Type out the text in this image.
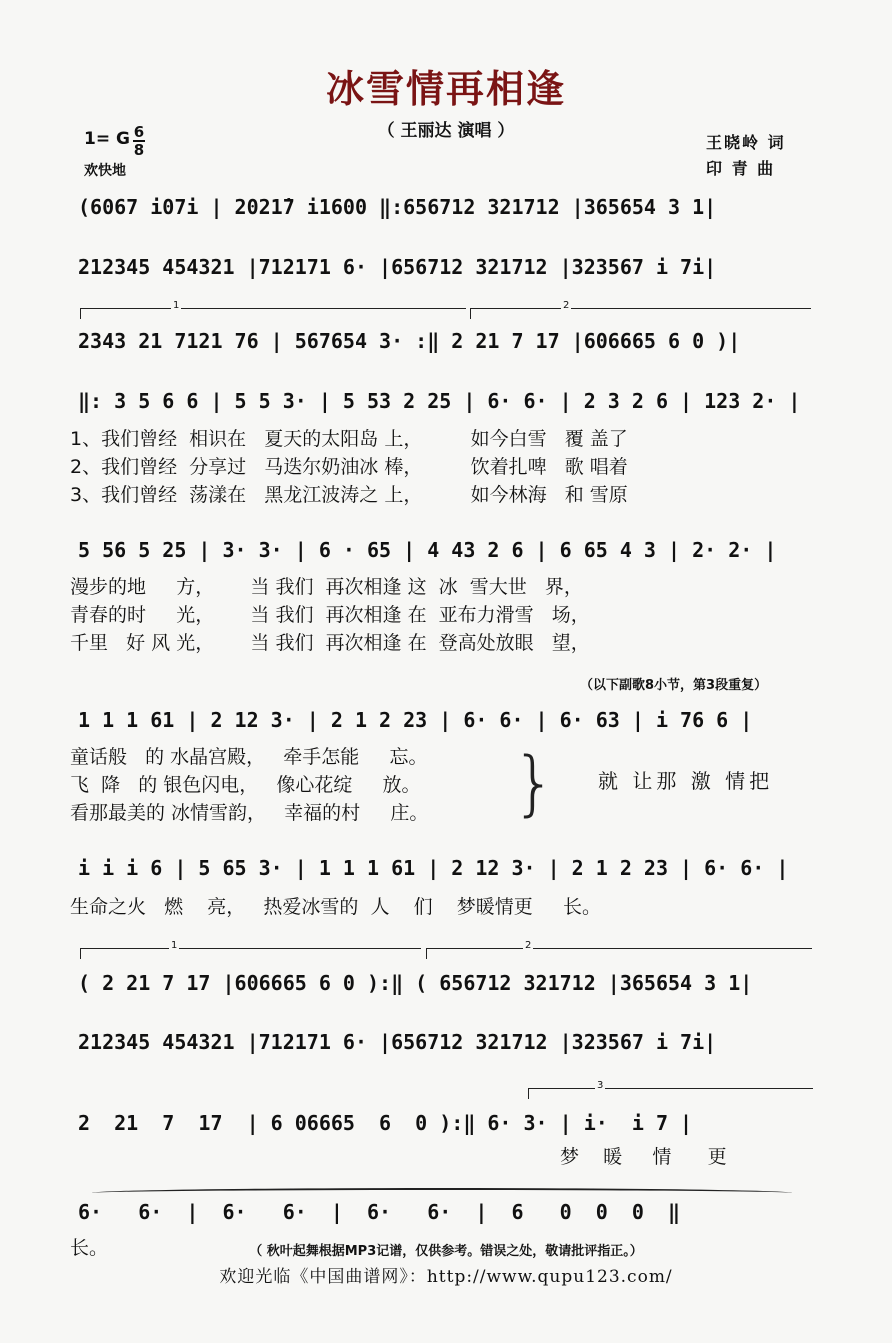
冰雪情再相逢
（ 王丽达 演唱 ）
1= G 6
8
欢快地
王晓岭 词
印 青 曲
(6067 i07i | 2021̇7 i1600 ‖:656712 321712 |365654 3 1|
212345 454321 |712171 6· |656712 321712 |323567 i 7i|
1	2
2343 21 7121 76 | 567654 3· :‖ 2 21 7 17 |606665 6 0 )|
‖: 3 5 6 6 | 5 5 3· | 5 53 2 25 | 6· 6· | 2 3 2 6 | 123 2· |
1、我们曾经  相识在   夏天的太阳岛 上，        如今白雪   覆 盖了
2、我们曾经  分享过   马迭尔奶油冰 棒，        饮着扎啤   歌 唱着
3、我们曾经  荡漾在   黑龙江波涛之 上，        如今林海   和 雪原
5 56 5 25 | 3· 3· | 6 · 65 | 4 43 2 6 | 6 65 4 3 | 2· 2· |
漫步的地     方，      当 我们  再次相逢 这  冰  雪大世   界，
青春的时     光，      当 我们  再次相逢 在  亚布力滑雪   场，
千里   好 风 光，      当 我们  再次相逢 在  登高处放眼   望，
（以下副歌8小节，第3段重复）
1 1 1 61 | 2 12 3· | 2 1 2 23 | 6· 6· | 6· 63 | i 76 6 |
童话般   的 水晶宫殿，   牵手怎能     忘。
飞  降   的 银色闪电，   像心花绽     放。
看那最美的 冰情雪韵，   幸福的村     庄。	} 就 让那 激 情把
i i i 6 | 5 65 3· | 1 1 1 61 | 2 12 3· | 2 1 2 23 | 6· 6· |
生命之火   燃    亮，   热爱冰雪的  人    们    梦暖情更     长。
1	2
( 2 21 7 17 |606665 6 0 ):‖ ( 656712 321712 |365654 3 1|
212345 454321 |712171 6· |656712 321712 |323567 i 7i|
3
2  21  7  17  | 6 06665  6  0 ):‖ 6· 3· | i·  i 7 |
梦    暖     情      更
6·   6·  |  6·   6·  |  6·   6·  |  6   0  0  0  ‖
长。	（ 秋叶起舞根据MP3记谱，仅供参考。错误之处，敬请批评指正。）
欢迎光临《中国曲谱网》：http://www.qupu123.com/
